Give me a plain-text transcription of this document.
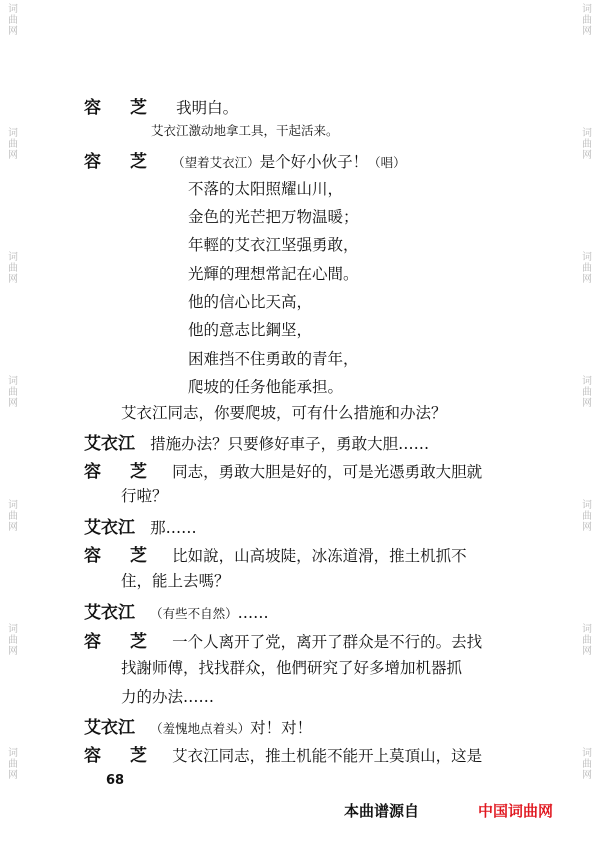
词
曲
网
词
曲
网
词
曲
网
词
曲
网
词
曲
网
词
曲
网
词
曲
网
词
曲
网
词
曲
网
词
曲
网
词
曲
网
词
曲
网
词
曲
网
词
曲
网
容　芝 我明白。
艾衣江激动地拿工具，干起活来。
容　芝 （望着艾衣江）是个好小伙子！（唱）
不落的太阳照耀山川，
金色的光芒把万物温暖；
年輕的艾衣江坚强勇敢，
光輝的理想常記在心間。
他的信心比天高，
他的意志比鋼坚，
困难挡不住勇敢的青年，
爬坡的任务他能承担。
艾衣江同志，你要爬坡，可有什么措施和办法？
艾衣江 措施办法？只要修好車子，勇敢大胆……
容　芝 同志，勇敢大胆是好的，可是光憑勇敢大胆就
行啦？
艾衣江 那……
容　芝 比如說，山高坡陡，冰冻道滑，推土机抓不
住，能上去嗎？
艾衣江 （有些不自然）……
容　芝 一个人离开了党，离开了群众是不行的。去找
找謝师傅，找找群众，他們研究了好多增加机器抓
力的办法……
艾衣江 （羞愧地点着头）对！对！
容　芝 艾衣江同志，推土机能不能开上莫頂山，这是
68
本曲谱源自	中国词曲网
